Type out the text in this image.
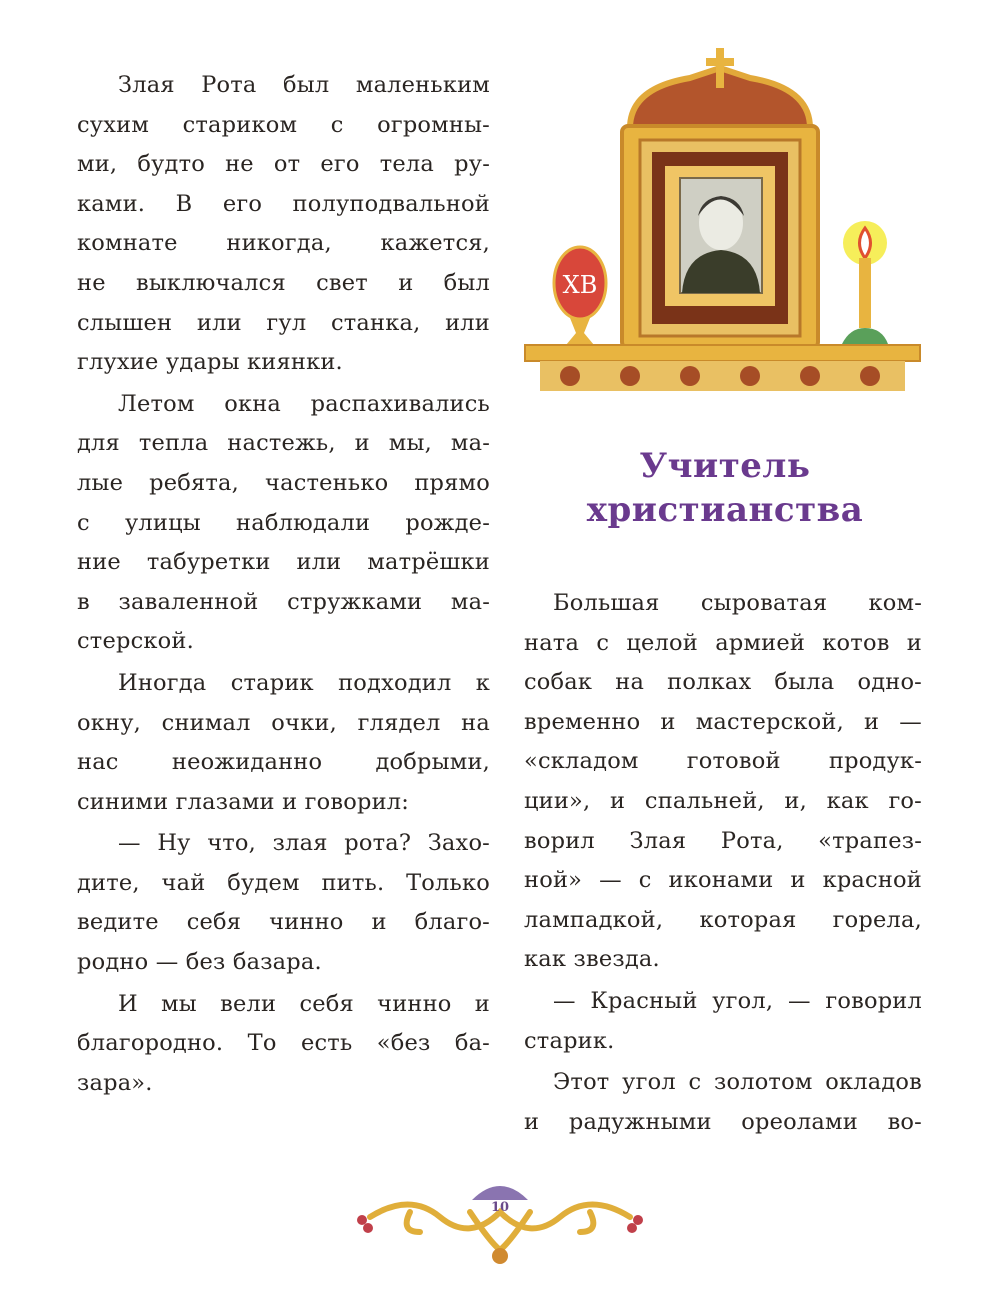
Злая Рота был маленьким
сухим стариком с огромны-
ми, будто не от его тела ру-
ками. В его полуподвальной
комнате никогда, кажется,
не выключался свет и был
слышен или гул станка, или
глухие удары киянки.
Летом окна распахивались
для тепла настежь, и мы, ма-
лые ребята, частенько прямо
с улицы наблюдали рожде-
ние табуретки или матрёшки
в заваленной стружками ма-
стерской.
Иногда старик подходил к
окну, снимал очки, глядел на
нас неожиданно добрыми,
синими глазами и говорил:
— Ну что, злая рота? Захо-
дите, чай будем пить. Только
ведите себя чинно и благо-
родно — без базара.
И мы вели себя чинно и
благородно. То есть «без ба-
зара».
ХВ
Учитель
христианства
Большая сыроватая ком-
ната с целой армией котов и
собак на полках была одно-
временно и мастерской, и —
«складом готовой продук-
ции», и спальней, и, как го-
ворил Злая Рота, «трапез-
ной» — с иконами и красной
лампадкой, которая горела,
как звезда.
— Красный угол, — говорил
старик.
Этот угол с золотом окладов
и радужными ореолами во-
10
